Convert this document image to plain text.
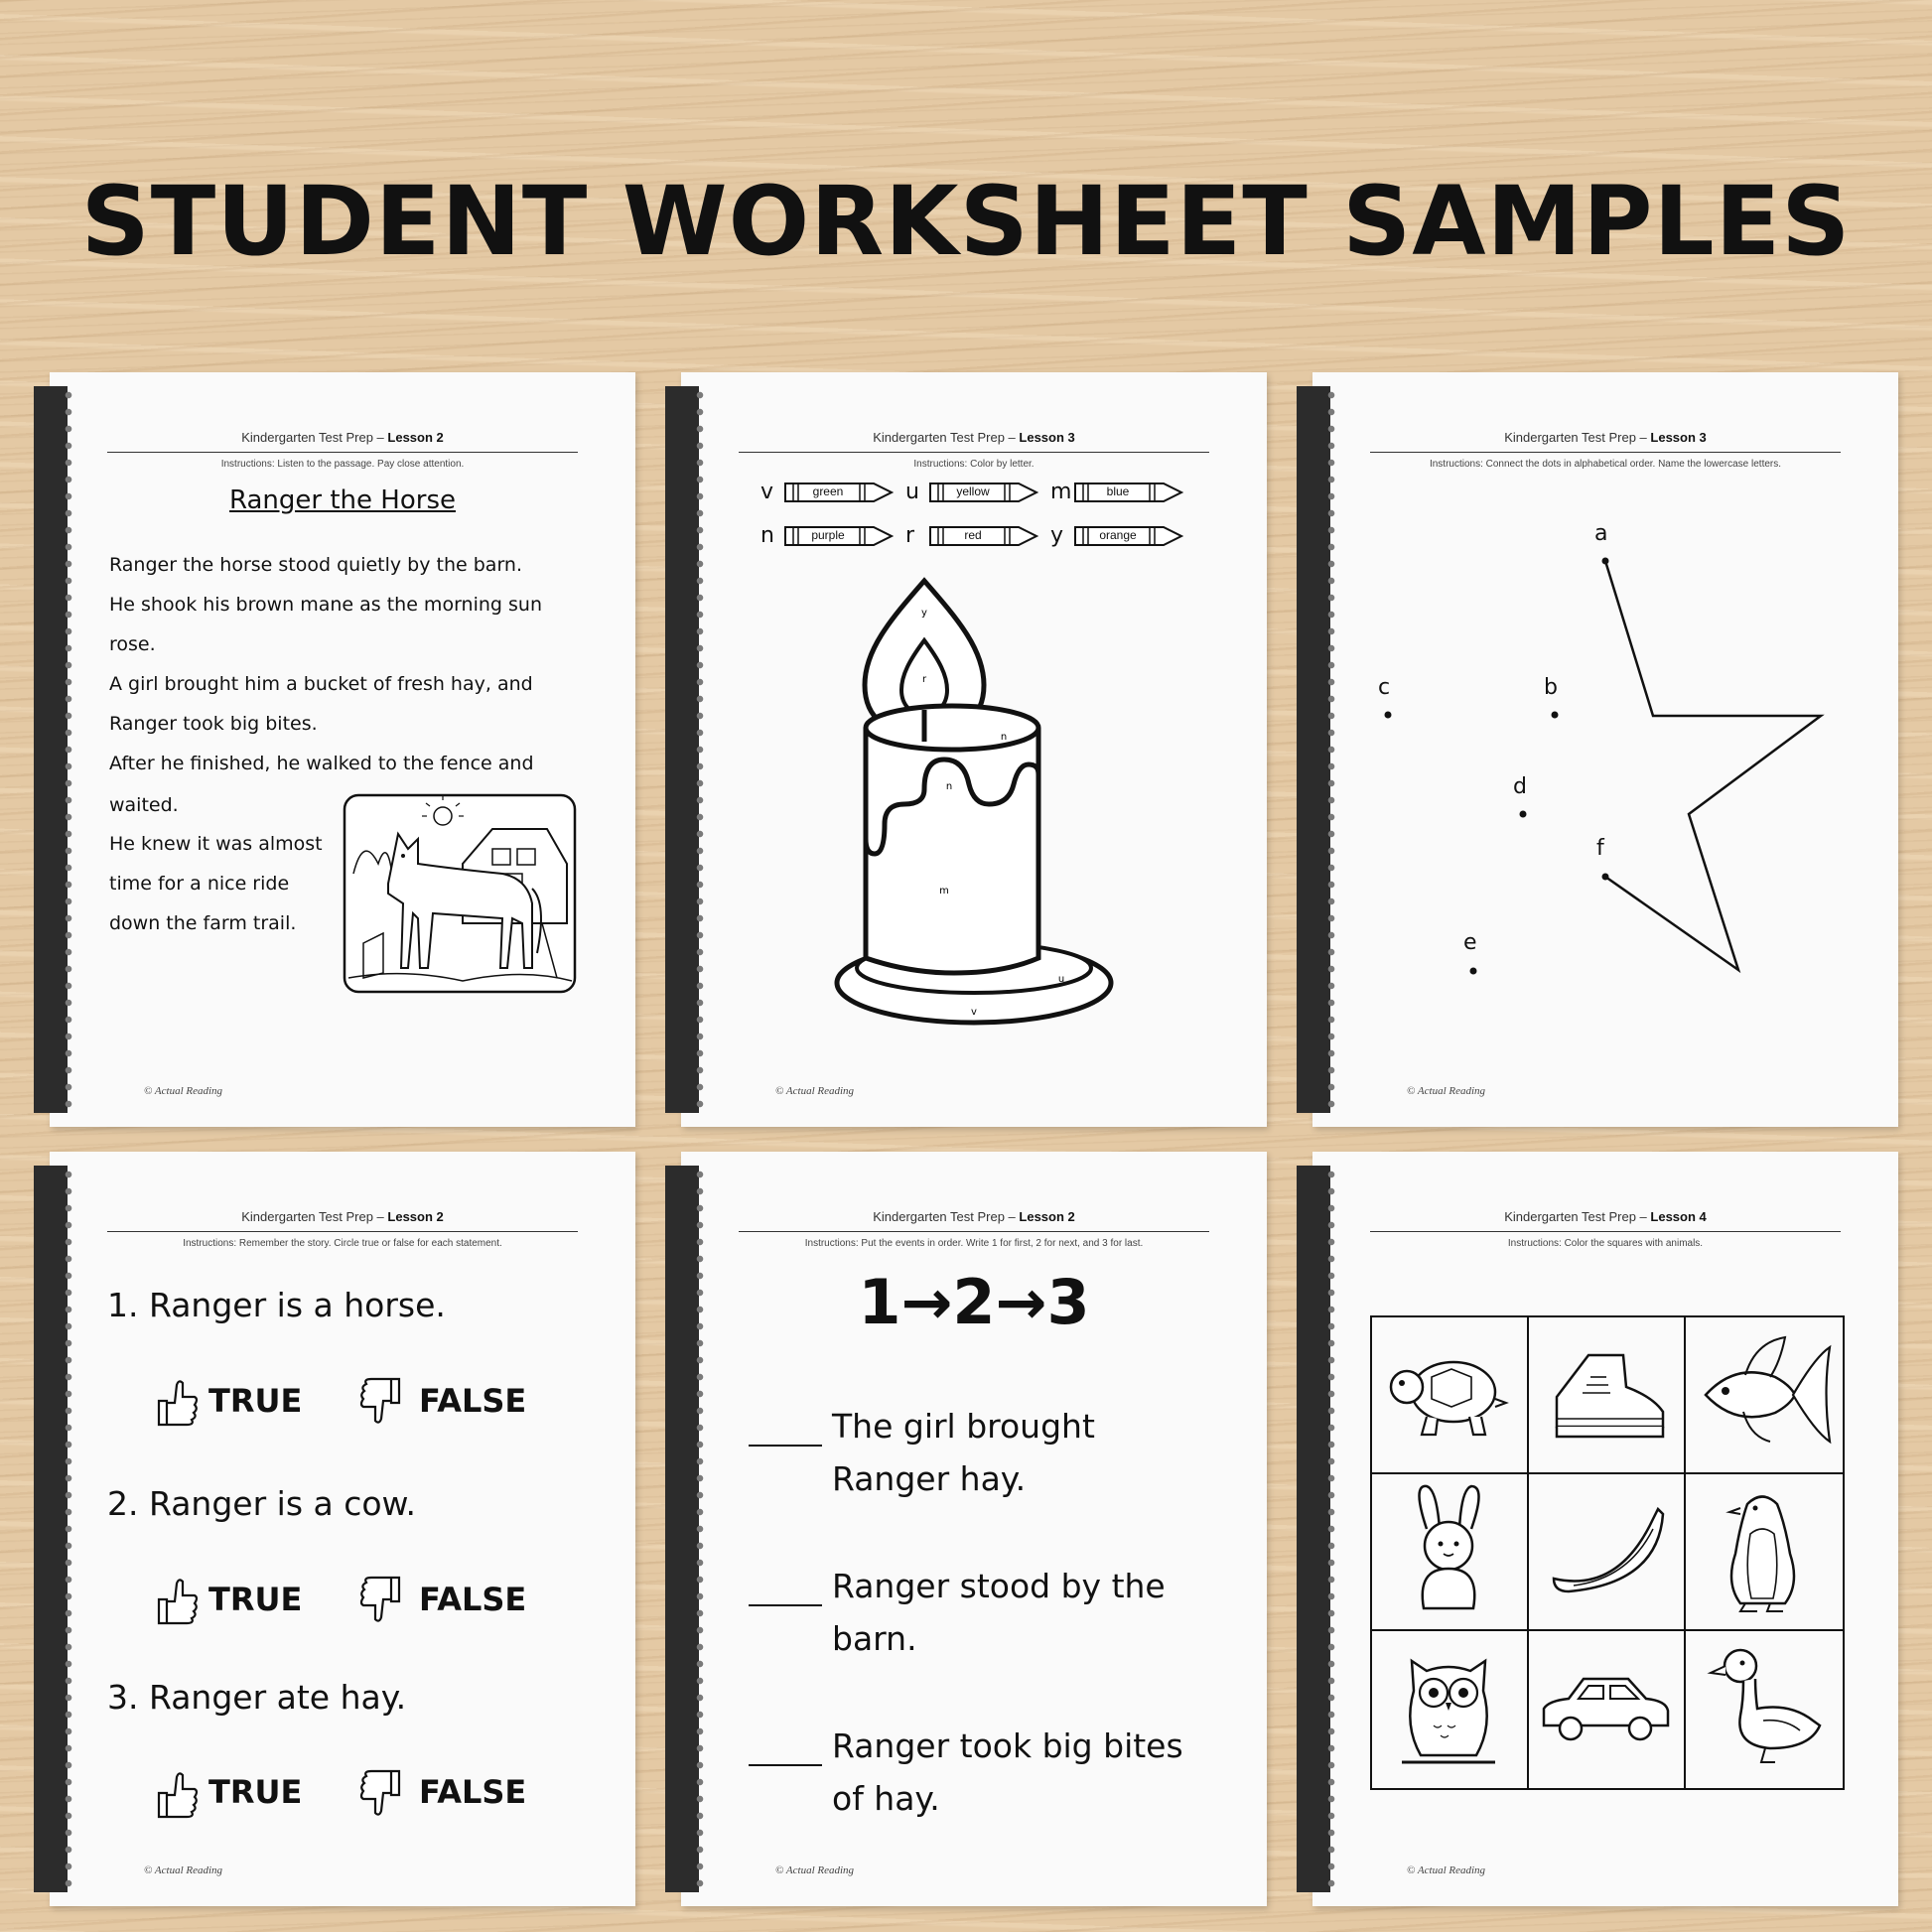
STUDENT WORKSHEET SAMPLES
Kindergarten Test Prep – Lesson 2
Instructions: Listen to the passage. Pay close attention.
Ranger the Horse
Ranger the horse stood quietly by the barn.
He shook his brown mane as the morning sun
rose.
A girl brought him a bucket of fresh hay, and
Ranger took big bites.
After he finished, he walked to the fence and
waited.
He knew it was almost
time for a nice ride
down the farm trail.
© Actual Reading
Kindergarten Test Prep – Lesson 3
Instructions: Color by letter.
v	green	u	yellow	m	blue
n	purple	r	red	y	orange
y
r
n
n
m
u
v
© Actual Reading
Kindergarten Test Prep – Lesson 3
Instructions: Connect the dots in alphabetical order. Name the lowercase letters.
a
b
c
d
e
f
© Actual Reading
Kindergarten Test Prep – Lesson 2
Instructions: Remember the story. Circle true or false for each statement.
1. Ranger is a horse.
2. Ranger is a cow.
3. Ranger ate hay.
TRUE	FALSE
TRUE	FALSE
TRUE	FALSE
© Actual Reading
Kindergarten Test Prep – Lesson 2
Instructions: Put the events in order. Write 1 for first, 2 for next, and 3 for last.
1→2→3
The girl brought
Ranger hay.
Ranger stood by the
barn.
Ranger took big bites
of hay.
© Actual Reading
Kindergarten Test Prep – Lesson 4
Instructions: Color the squares with animals.
© Actual Reading
